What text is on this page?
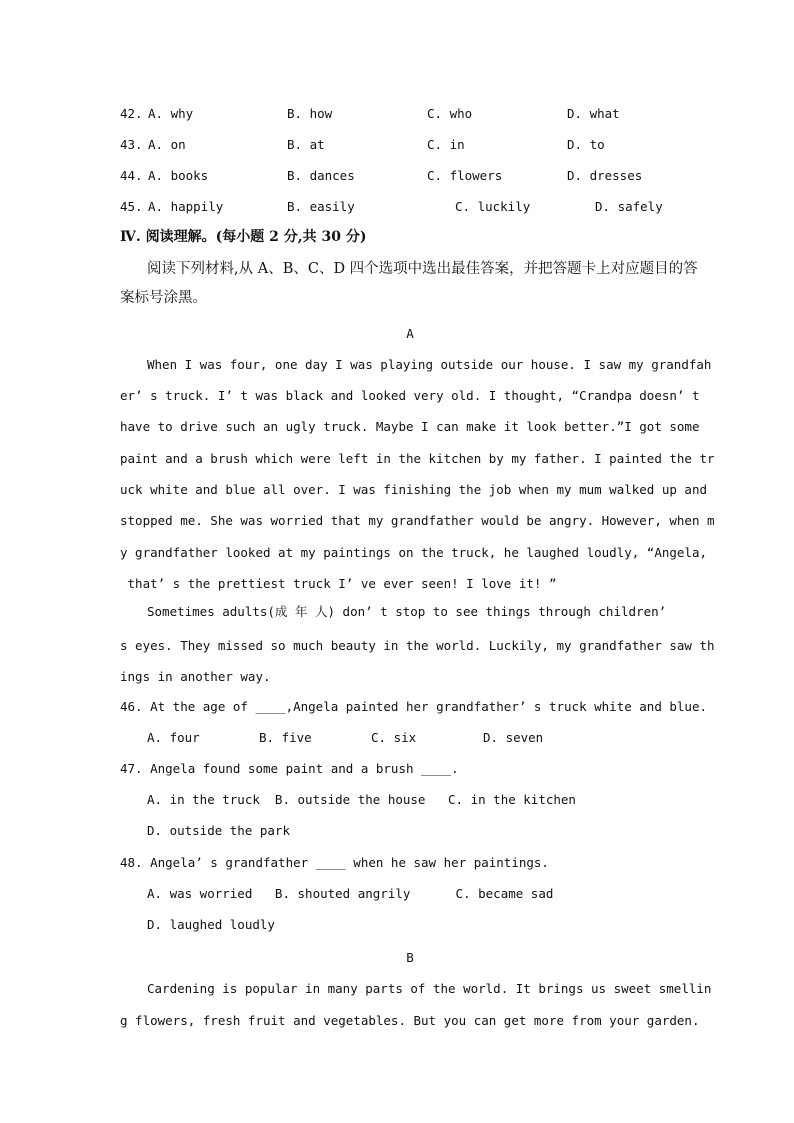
42. A. why	B. how	C. who	D. what
43. A. on	B. at	C. in	D. to
44. A. books	B. dances	C. flowers	D. dresses
45. A. happily	B. easily	C. luckily	D. safely
Ⅳ. 阅读理解。(每小题 2 分,共 30 分)
阅读下列材料,从 A、B、C、D 四个选项中选出最佳答案，并把答题卡上对应题目的答
案标号涂黑。
A
When I was four, one day I was playing outside our house. I saw my grandfah
er’ s truck. I’ t was black and looked very old. I thought, “Crandpa doesn’ t
have to drive such an ugly truck. Maybe I can make it look better.”I got some
paint and a brush which were left in the kitchen by my father. I painted the tr
uck white and blue all over. I was finishing the job when my mum walked up and
stopped me. She was worried that my grandfather would be angry. However, when m
y grandfather looked at my paintings on the truck, he laughed loudly, “Angela,
that’ s the prettiest truck I’ ve ever seen! I love it! ”
Sometimes adults(成 年 人) don’ t stop to see things through children’
s eyes. They missed so much beauty in the world. Luckily, my grandfather saw th
ings in another way.
46. At the age of ____,Angela painted her grandfather’ s truck white and blue.
A. four	B. five	C. six	D. seven
47. Angela found some paint and a brush ____.
A. in the truck  B. outside the house   C. in the kitchen
D. outside the park
48. Angela’ s grandfather ____ when he saw her paintings.
A. was worried   B. shouted angrily      C. became sad
D. laughed loudly
B
Cardening is popular in many parts of the world. It brings us sweet smellin
g flowers, fresh fruit and vegetables. But you can get more from your garden.
